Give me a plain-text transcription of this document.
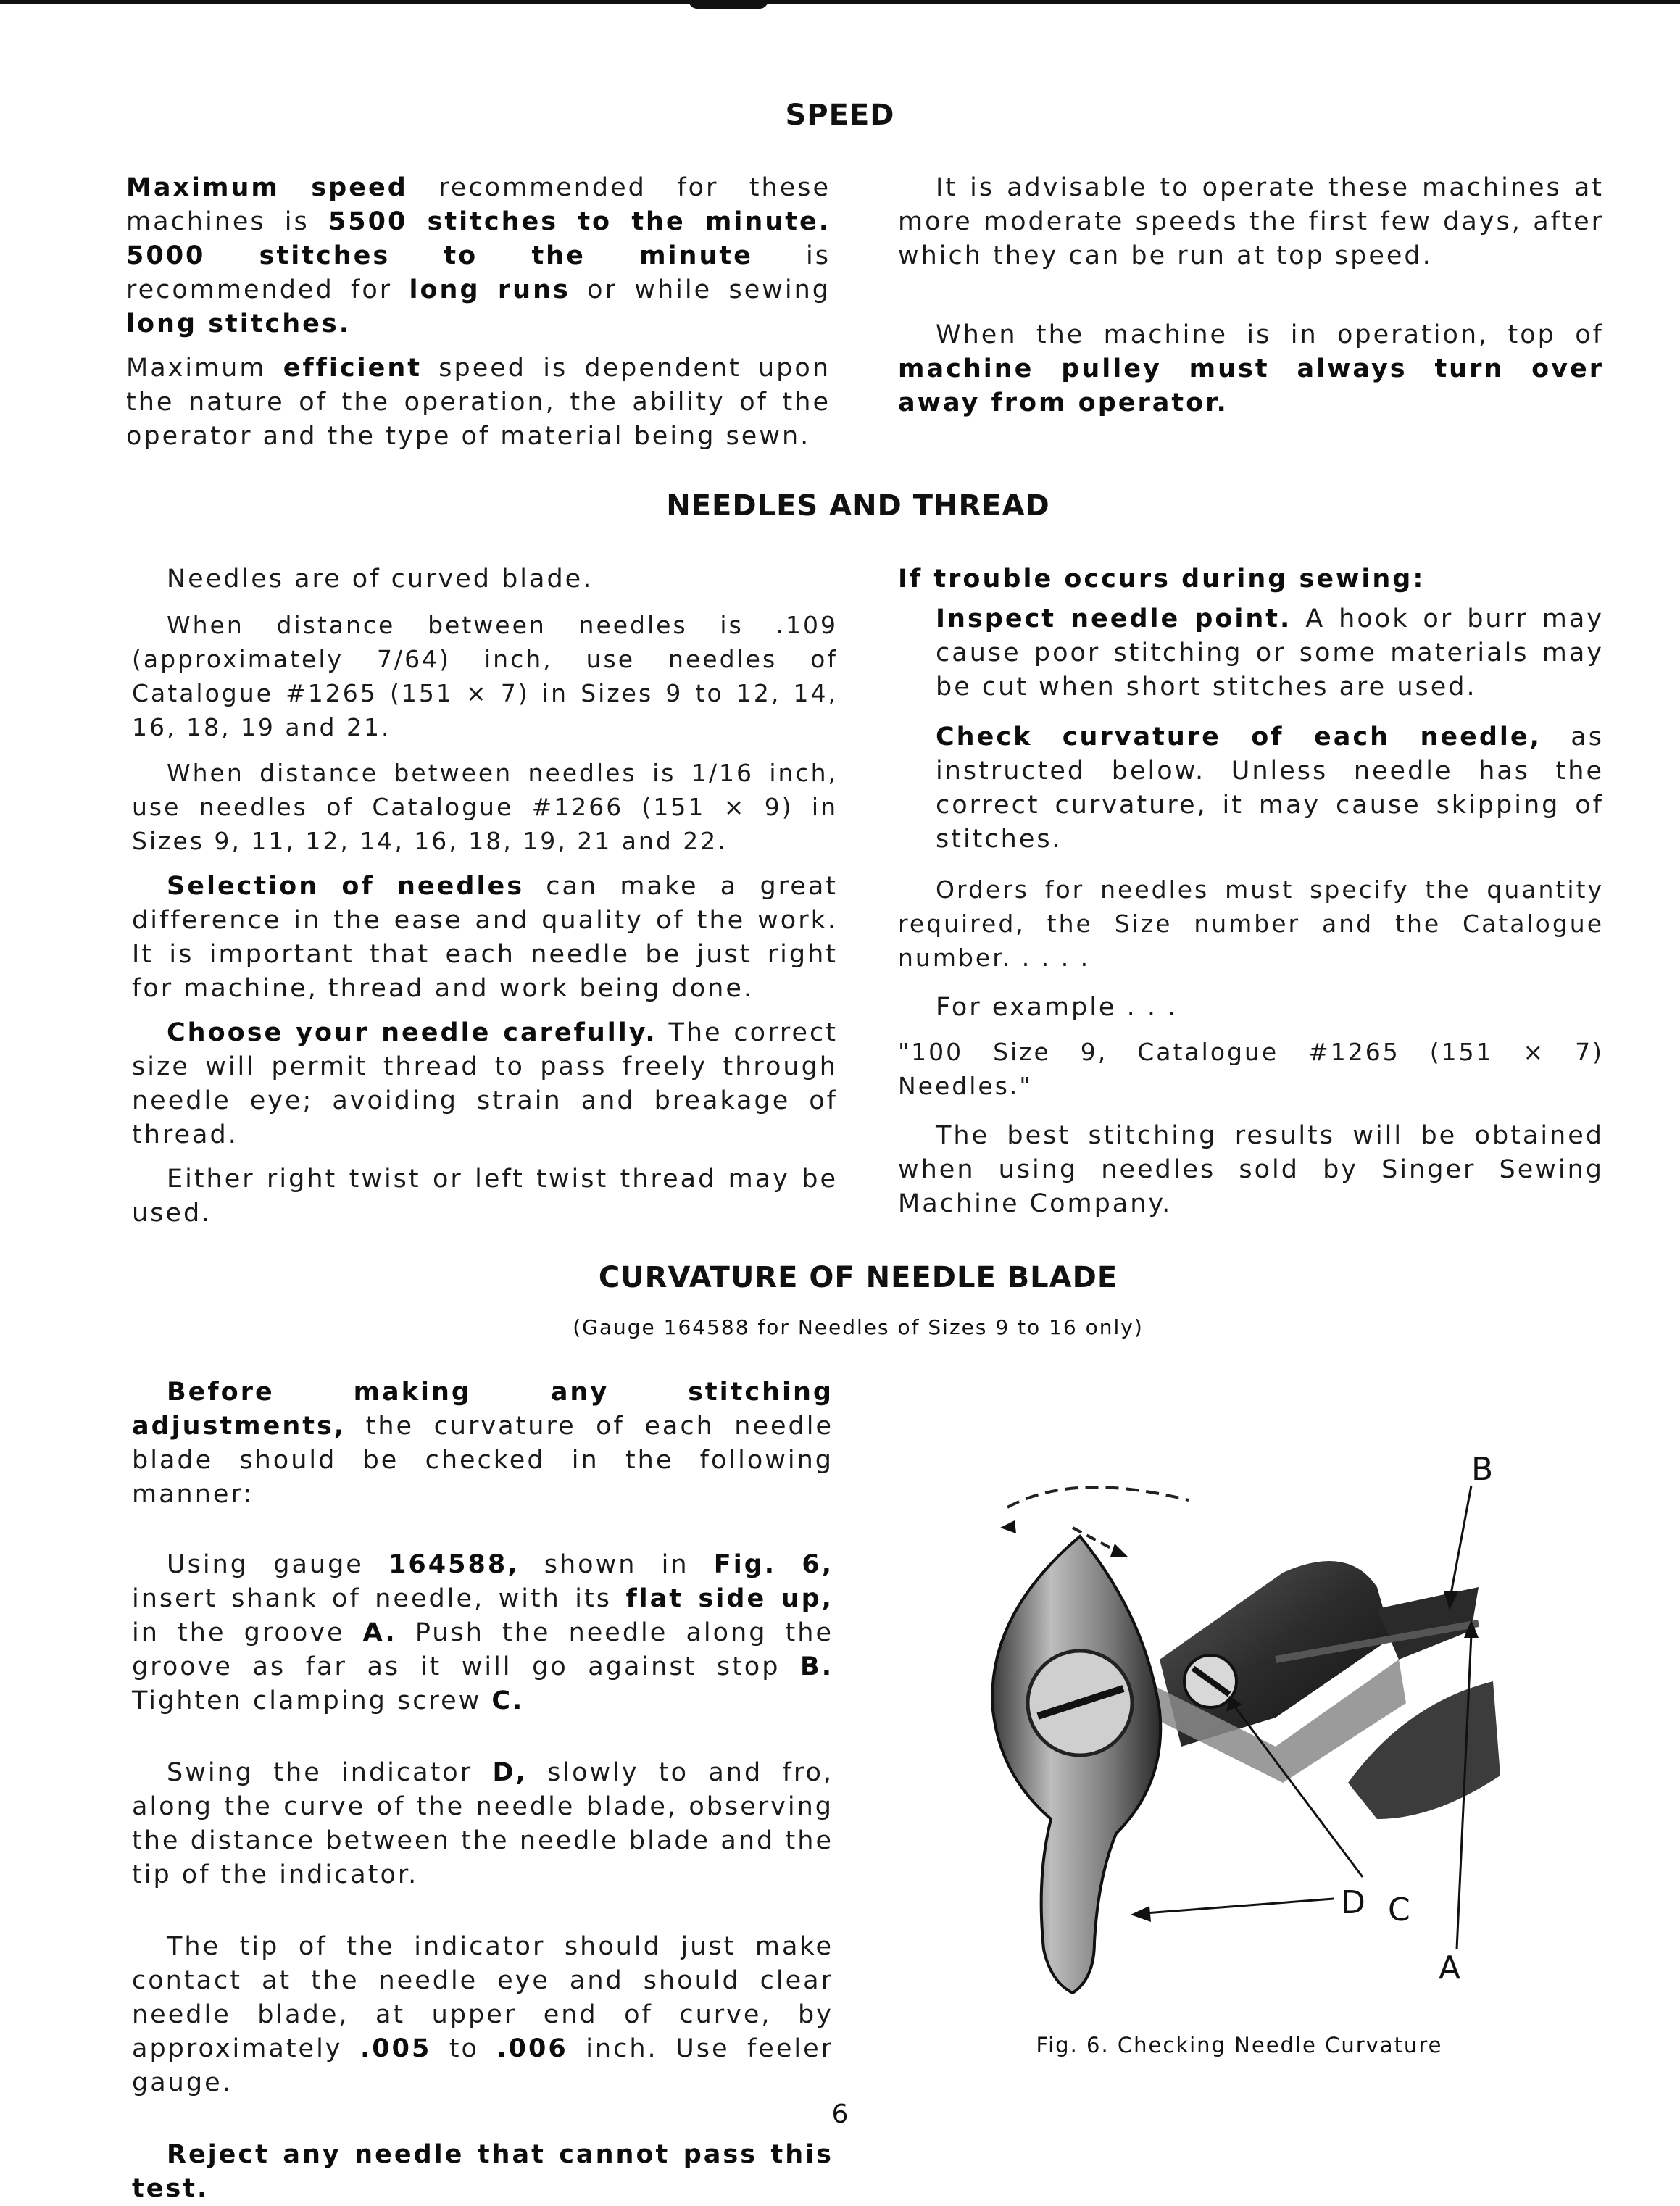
SPEED

Maximum speed recommended for these machines is 5500 stitches to the minute. 5000 stitches to the minute is recommended for long runs or while sewing long stitches.

Maximum efficient speed is dependent upon the nature of the operation, the ability of the operator and the type of material being sewn.

It is advisable to operate these machines at more moderate speeds the first few days, after which they can be run at top speed.

When the machine is in operation, top of machine pulley must always turn over away from operator.

NEEDLES AND THREAD

Needles are of curved blade.

When distance between needles is .109 (approximately 7/64) inch, use needles of Catalogue #1265 (151 × 7) in Sizes 9 to 12, 14, 16, 18, 19 and 21.

When distance between needles is 1/16 inch, use needles of Catalogue #1266 (151 × 9) in Sizes 9, 11, 12, 14, 16, 18, 19, 21 and 22.

Selection of needles can make a great difference in the ease and quality of the work. It is important that each needle be just right for machine, thread and work being done.

Choose your needle carefully. The correct size will permit thread to pass freely through needle eye; avoiding strain and breakage of thread.

Either right twist or left twist thread may be used.

If trouble occurs during sewing:

Inspect needle point. A hook or burr may cause poor stitching or some materials may be cut when short stitches are used.

Check curvature of each needle, as instructed below. Unless needle has the correct curvature, it may cause skipping of stitches.

Orders for needles must specify the quantity required, the Size number and the Catalogue number. . . . .

For example . . .

"100 Size 9, Catalogue #1265 (151 × 7) Needles."

The best stitching results will be obtained when using needles sold by Singer Sewing Machine Company.

CURVATURE OF NEEDLE BLADE
(Gauge 164588 for Needles of Sizes 9 to 16 only)

Before making any stitching adjustments, the curvature of each needle blade should be checked in the following manner:

Using gauge 164588, shown in Fig. 6, insert shank of needle, with its flat side up, in the groove A. Push the needle along the groove as far as it will go against stop B. Tighten clamping screw C.

Swing the indicator D, slowly to and fro, along the curve of the needle blade, observing the distance between the needle blade and the tip of the indicator.

The tip of the indicator should just make contact at the needle eye and should clear needle blade, at upper end of curve, by approximately .005 to .006 inch. Use feeler gauge.

Reject any needle that cannot pass this test.

B
D C
A
Fig. 6. Checking Needle Curvature
6
